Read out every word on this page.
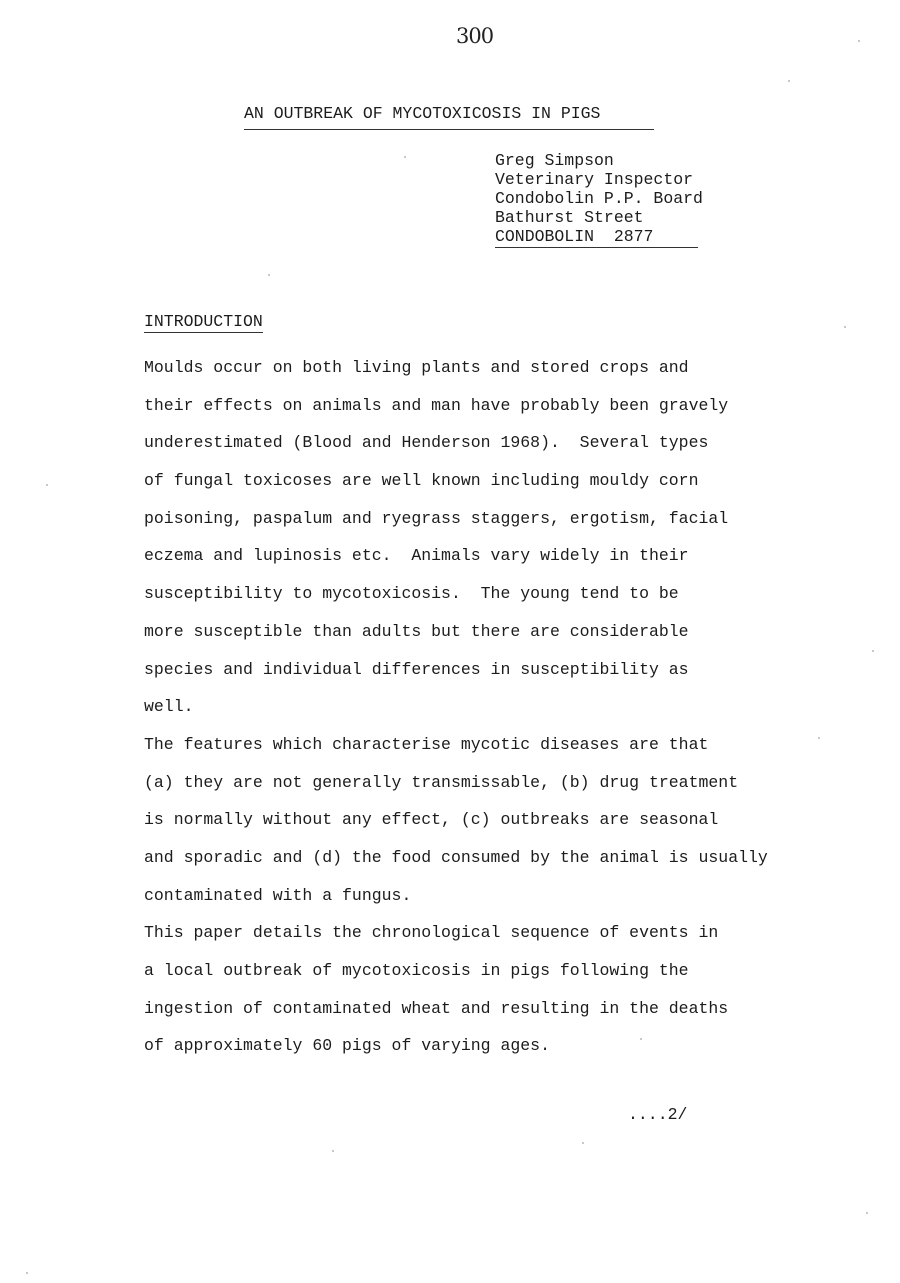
300
AN OUTBREAK OF MYCOTOXICOSIS IN PIGS
Greg Simpson
Veterinary Inspector
Condobolin P.P. Board
Bathurst Street
CONDOBOLIN  2877
INTRODUCTION
Moulds occur on both living plants and stored crops and
their effects on animals and man have probably been gravely
underestimated (Blood and Henderson 1968).  Several types
of fungal toxicoses are well known including mouldy corn
poisoning, paspalum and ryegrass staggers, ergotism, facial
eczema and lupinosis etc.  Animals vary widely in their
susceptibility to mycotoxicosis.  The young tend to be
more susceptible than adults but there are considerable
species and individual differences in susceptibility as
well.
The features which characterise mycotic diseases are that
(a) they are not generally transmissable, (b) drug treatment
is normally without any effect, (c) outbreaks are seasonal
and sporadic and (d) the food consumed by the animal is usually
contaminated with a fungus.
This paper details the chronological sequence of events in
a local outbreak of mycotoxicosis in pigs following the
ingestion of contaminated wheat and resulting in the deaths
of approximately 60 pigs of varying ages.
....2/
